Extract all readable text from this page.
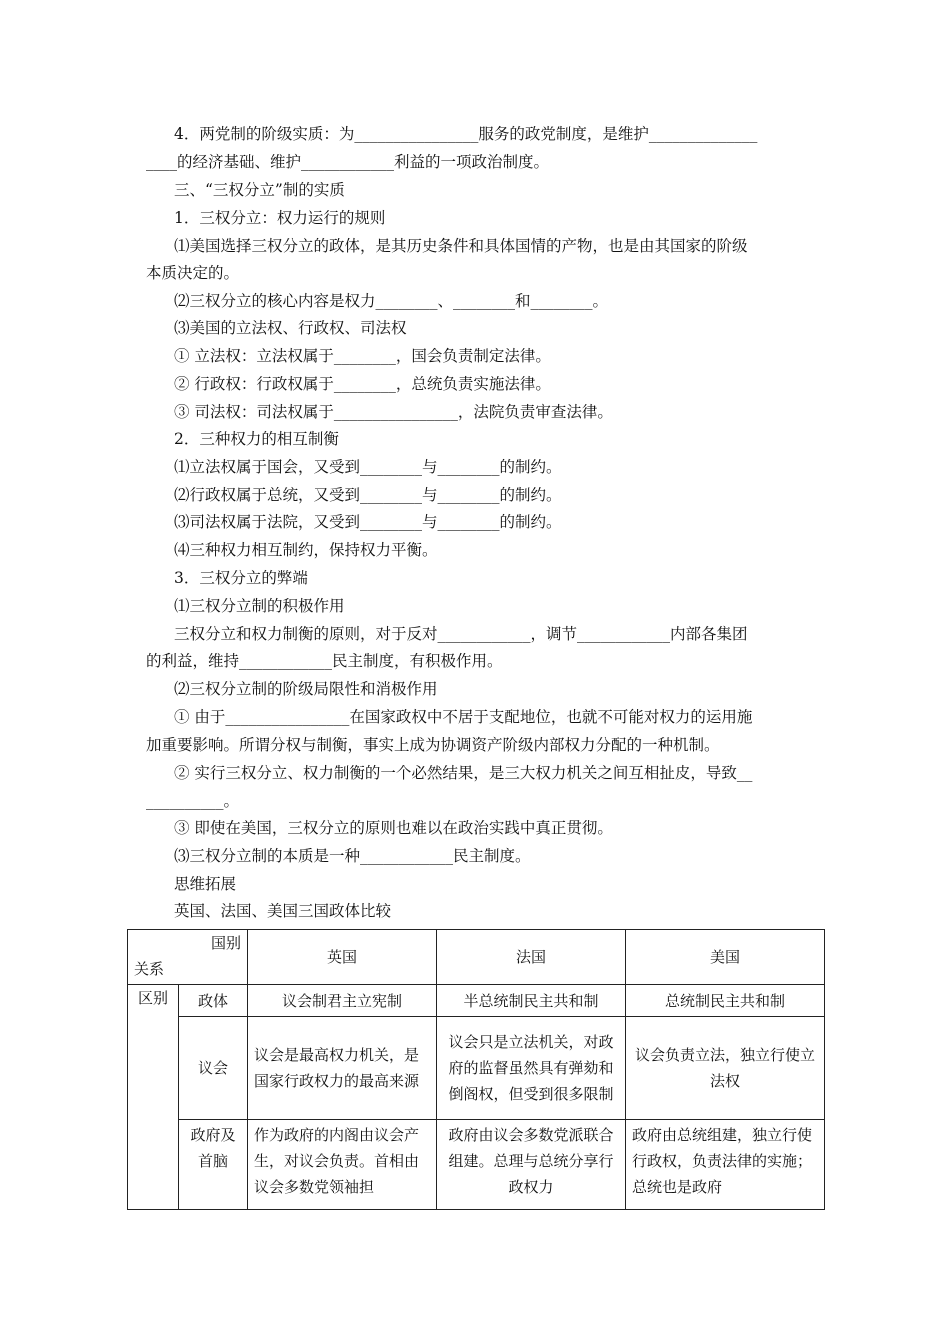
4．两党制的阶级实质：为________________服务的政党制度，是维护______________
____的经济基础、维护____________利益的一项政治制度。
三、“三权分立”制的实质
1．三权分立：权力运行的规则
⑴美国选择三权分立的政体，是其历史条件和具体国情的产物，也是由其国家的阶级
本质决定的。
⑵三权分立的核心内容是权力________、________和________。
⑶美国的立法权、行政权、司法权
① 立法权：立法权属于________，国会负责制定法律。
② 行政权：行政权属于________，总统负责实施法律。
③ 司法权：司法权属于________________，法院负责审查法律。
2．三种权力的相互制衡
⑴立法权属于国会，又受到________与________的制约。
⑵行政权属于总统，又受到________与________的制约。
⑶司法权属于法院，又受到________与________的制约。
⑷三种权力相互制约，保持权力平衡。
3．三权分立的弊端
⑴三权分立制的积极作用
三权分立和权力制衡的原则，对于反对____________，调节____________内部各集团
的利益，维持____________民主制度，有积极作用。
⑵三权分立制的阶级局限性和消极作用
① 由于________________在国家政权中不居于支配地位，也就不可能对权力的运用施
加重要影响。所谓分权与制衡，事实上成为协调资产阶级内部权力分配的一种机制。
② 实行三权分立、权力制衡的一个必然结果，是三大权力机关之间互相扯皮，导致__
__________。
③ 即使在美国，三权分立的原则也难以在政治实践中真正贯彻。
⑶三权分立制的本质是一种____________民主制度。
思维拓展
英国、法国、美国三国政体比较
国别
关系		英国	法国	美国
区别	政体	议会制君主立宪制	半总统制民主共和制	总统制民主共和制
	议会	议会是最高权力机关，是国家行政权力的最高来源	议会只是立法机关，对政府的监督虽然具有弹劾和倒阁权，但受到很多限制	议会负责立法，独立行使立法权
	政府及首脑	作为政府的内阁由议会产生，对议会负责。首相由议会多数党领袖担	政府由议会多数党派联合组建。总理与总统分享行政权力	政府由总统组建，独立行使行政权，负责法律的实施；总统也是政府
